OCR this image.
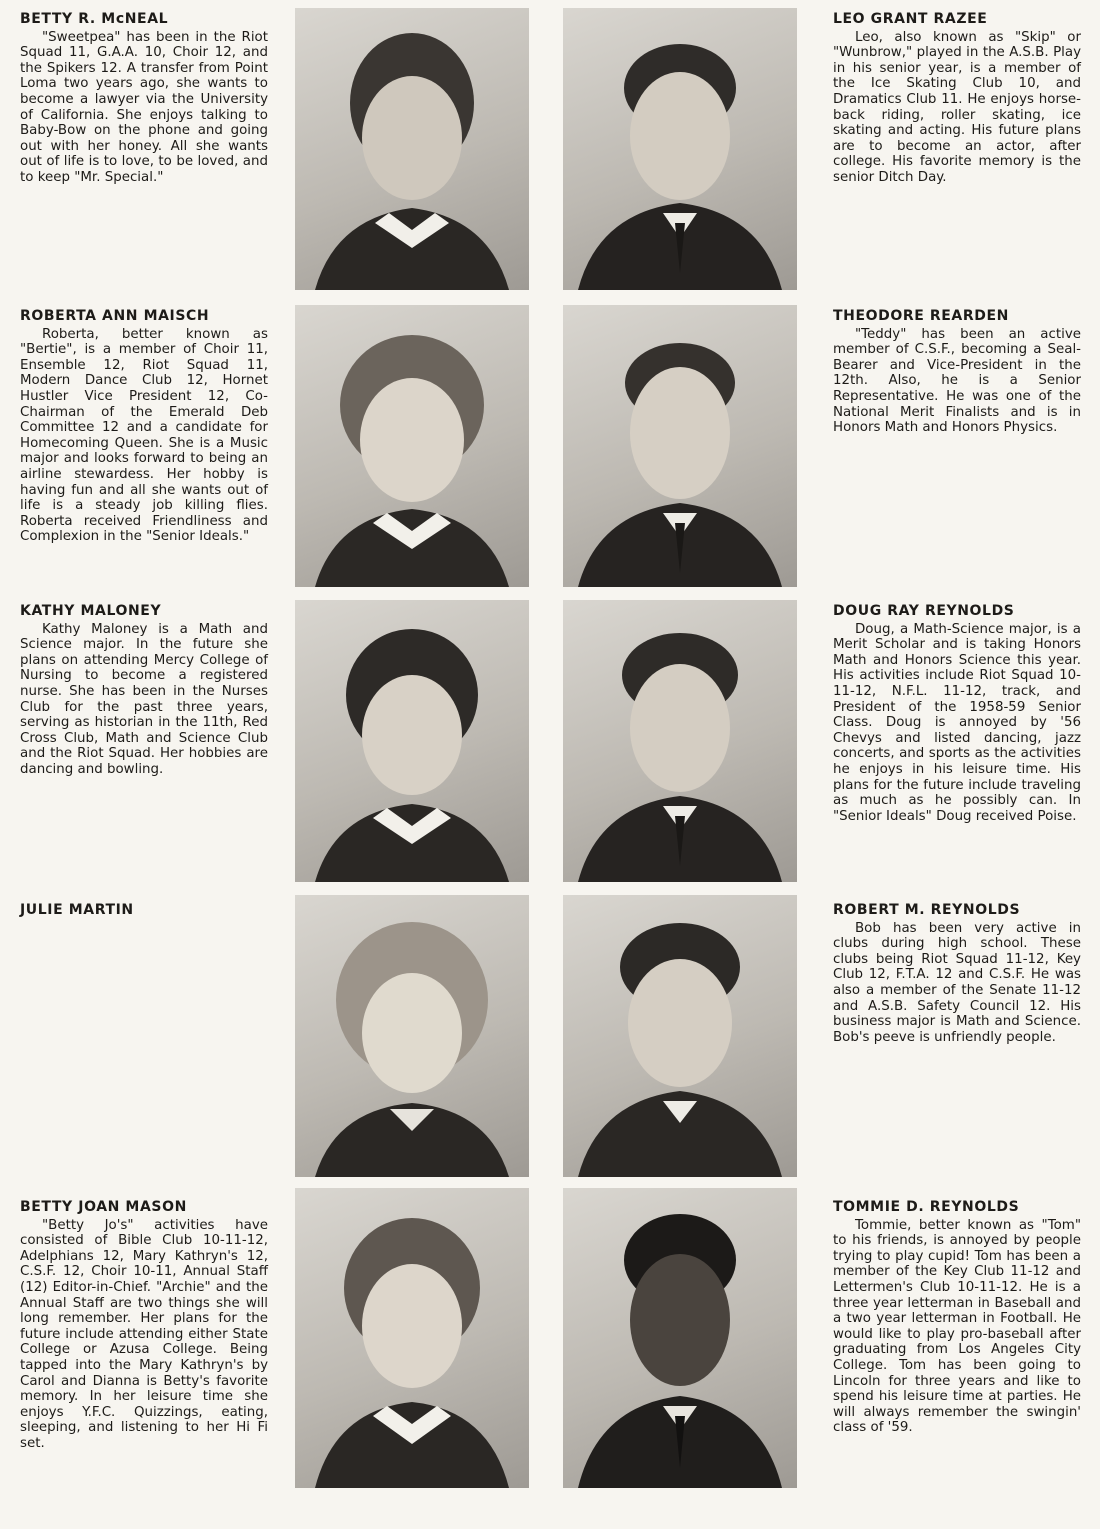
BETTY R. McNEAL
"Sweetpea" has been in the Riot Squad 11, G.A.A. 10, Choir 12, and the Spikers 12. A transfer from Point Loma two years ago, she wants to become a lawyer via the University of California. She enjoys talking to Baby-Bow on the phone and going out with her honey. All she wants out of life is to love, to be loved, and to keep "Mr. Special."
LEO GRANT RAZEE
Leo, also known as "Skip" or "Wunbrow," played in the A.S.B. Play in his senior year, is a member of the Ice Skating Club 10, and Dramatics Club 11. He enjoys horse-back riding, roller skating, ice skating and acting. His future plans are to become an actor, after college. His favorite memory is the senior Ditch Day.
ROBERTA ANN MAISCH
Roberta, better known as "Bertie", is a member of Choir 11, Ensemble 12, Riot Squad 11, Modern Dance Club 12, Hornet Hustler Vice President 12, Co-Chairman of the Emerald Deb Committee 12 and a candidate for Homecoming Queen. She is a Music major and looks forward to being an airline stewardess. Her hobby is having fun and all she wants out of life is a steady job killing flies. Roberta received Friendliness and Complexion in the "Senior Ideals."
THEODORE REARDEN
"Teddy" has been an active member of C.S.F., becoming a Seal-Bearer and Vice-President in the 12th. Also, he is a Senior Representative. He was one of the National Merit Finalists and is in Honors Math and Honors Physics.
KATHY MALONEY
Kathy Maloney is a Math and Science major. In the future she plans on attending Mercy College of Nursing to become a registered nurse. She has been in the Nurses Club for the past three years, serving as historian in the 11th, Red Cross Club, Math and Science Club and the Riot Squad. Her hobbies are dancing and bowling.
DOUG RAY REYNOLDS
Doug, a Math-Science major, is a Merit Scholar and is taking Honors Math and Honors Science this year. His activities include Riot Squad 10-11-12, N.F.L. 11-12, track, and President of the 1958-59 Senior Class. Doug is annoyed by '56 Chevys and listed dancing, jazz concerts, and sports as the activities he enjoys in his leisure time. His plans for the future include traveling as much as he possibly can. In "Senior Ideals" Doug received Poise.
JULIE MARTIN	ROBERT M. REYNOLDS
Bob has been very active in clubs during high school. These clubs being Riot Squad 11-12, Key Club 12, F.T.A. 12 and C.S.F. He was also a member of the Senate 11-12 and A.S.B. Safety Council 12. His business major is Math and Science. Bob's peeve is unfriendly people.
BETTY JOAN MASON
"Betty Jo's" activities have consisted of Bible Club 10-11-12, Adelphians 12, Mary Kathryn's 12, C.S.F. 12, Choir 10-11, Annual Staff (12) Editor-in-Chief. "Archie" and the Annual Staff are two things she will long remember. Her plans for the future include attending either State College or Azusa College. Being tapped into the Mary Kathryn's by Carol and Dianna is Betty's favorite memory. In her leisure time she enjoys Y.F.C. Quizzings, eating, sleeping, and listening to her Hi Fi set.
TOMMIE D. REYNOLDS
Tommie, better known as "Tom" to his friends, is annoyed by people trying to play cupid! Tom has been a member of the Key Club 11-12 and Lettermen's Club 10-11-12. He is a three year letterman in Baseball and a two year letterman in Football. He would like to play pro-baseball after graduating from Los Angeles City College. Tom has been going to Lincoln for three years and like to spend his leisure time at parties. He will always remember the swingin' class of '59.
